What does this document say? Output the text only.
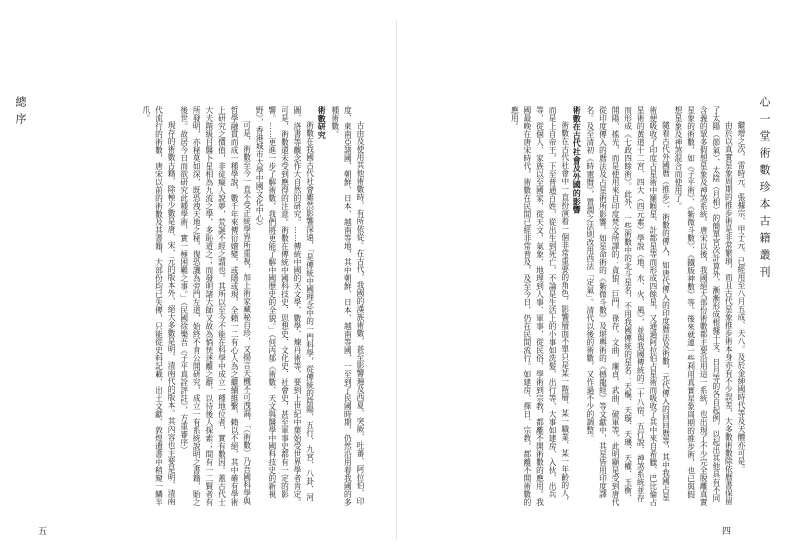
心一堂術數珍本古籍叢刊
總序

繼增之次，雷時元、張據宗、甲子元、已經用至八月五成、天八。及於金紳國時代等及天體亦可是。

由於以真實星象周期的推步術是非常繁瑣，而且古代星象推步術本身亦有不少誤差，大多數術數除依曆書保留了太陽（節氣）、太陰（月相）的簡單宮次計算外，漸漸形成根據干支、日月等的各自起例，以起出其他具有不同含義的眾多假想星象及神煞系統。唐宋以後，我國絕大部份術數都主要沿用這一系統，也出現了不少完全脫離真實星象的術數，如《子平術》、《紫微斗數》、《鐵版神數》等。後來就連一些利用真實星象周期的推步術，也已與假想星象及神煞混合而使用了。

隨着古代外國曆（推步）、術數的傳入，如唐代傳入的印度曆法及術數，元代傳入的回回曆等，其中我國占星術便吸收了印度占星術中羅睺星、計都星等而形成四餘星，又通過阿拉伯占星術而吸收了其中來自希臘、巴比倫占星術的黃道十二宮、四大（四元素）學說（地、水、火、風），並與我國傳統的二十八宿、五行說、神煞系統並存而形成《七政四餘術》。此外，一些術數中的北斗星名，不用我國傳統的星名：天樞、天璇、天璣、天權、玉衡、開陽、搖光，而是使用來自印度梵文所譯的：貪狼、巨門、祿存、文曲，廉貞、武曲、破軍等，此明顯是受到唐代從印度傳入的曆法及占星術所影響。如星命術的《紫微斗數》及堪輿術的《撼龍經》等文獻中，其星皆用印度譯名。及至清初《時憲曆》，置潤之法則改用西法「定氣」。清代以後的術數，又作過不少的調整。

術數在古代社會及外國的影響

術數在古代社會中一直扮演着一個非常重要的角色，影響層面不單只是某一階層、某一職業、某一年齡的人，而是上自帝王，下至普通百姓，從出生到死亡，不論是生活上的小事如洗髮、出行等，大事如建房、入伙、出兵等，從個人、家族以至國家，從天文、氣象、地理到人事、軍事，從民俗、學術到宗教，都離不開術數的應用。我國最晚在唐宋時代，術數在民間已經非常普及，及至今日，仍在民間流行。如建房、擇日、宗教，都離不開術數的應用。

古由及使用其他術數時，有所依從。在古代，我國的漢族術數，甚至影響遍及西夏、突厥、吐蕃、阿拉伯、印度、東南亞諸國、朝鮮、日本、越南等地，其中朝鮮、日本、越南等國，一至到了民國時期，仍然沿用着我國的多種術數。

術數研究

術數在我國古代社會雖然影響深遠，「是傳統中國理念中的一門科學，從傳統的陰陽、五行、九宮、八卦、河圖、洛書等觀念作大自然的研究。……傳統中國的天文學、數學、煉丹術等，要到上世紀中葉始受世界學者肯定。可是，術數還未受到應得的注意。術數在傳統中國科技史、思想史、文化史、社會史，甚至軍事史都有一定的影響。……更進一步了解術數，我們將更能了解中國歷史的全貌。」（何丙郁《術數、天文與醫學中國科技史的新視野》，香港城市大學中國文化中心）

可是，術數至今一直不受正統學界所重視，加上術家藏秘自珍，又揚言天機不可洩漏，「（術數）乃吾國科學與哲學融貫而成一種學說，數千年來傳衍嬗變，或隱或現，全賴一二有心人為之繼續維繫，賴以不絕，其中確有學術上研究之價值，非徒癡人說夢，荒誕不經之謂也。其所以至今不能在科學中成立一種地位者，實有數因。蓋古代士大夫階級目醫卜星相為九流之學，多恥道之；而發明諸大師又故為惝恍迷離之辭，以待後人探索；間有一二賢者有所發明，亦秘莫如深，既恐洩天地之秘，復恐譏為旁門左道，始終不肯公開研究，成立一有系統說明之書籍，貽之後世。故居今日而欲研究此種學術，實一極困難之事。」（民國徐樂吾《子平真詮評註》，方重審序）

現存的術數古籍，除極少數是唐、宋、元的版本外，絕大多數是明、清兩代的版本。其內容也主要是明、清兩代流行的術數，唐宋以前的術數及其書籍，大部份均已失傳，只能從史料記載、出土文獻、敦煌遺書中稍窺一鱗半爪。

四
五
